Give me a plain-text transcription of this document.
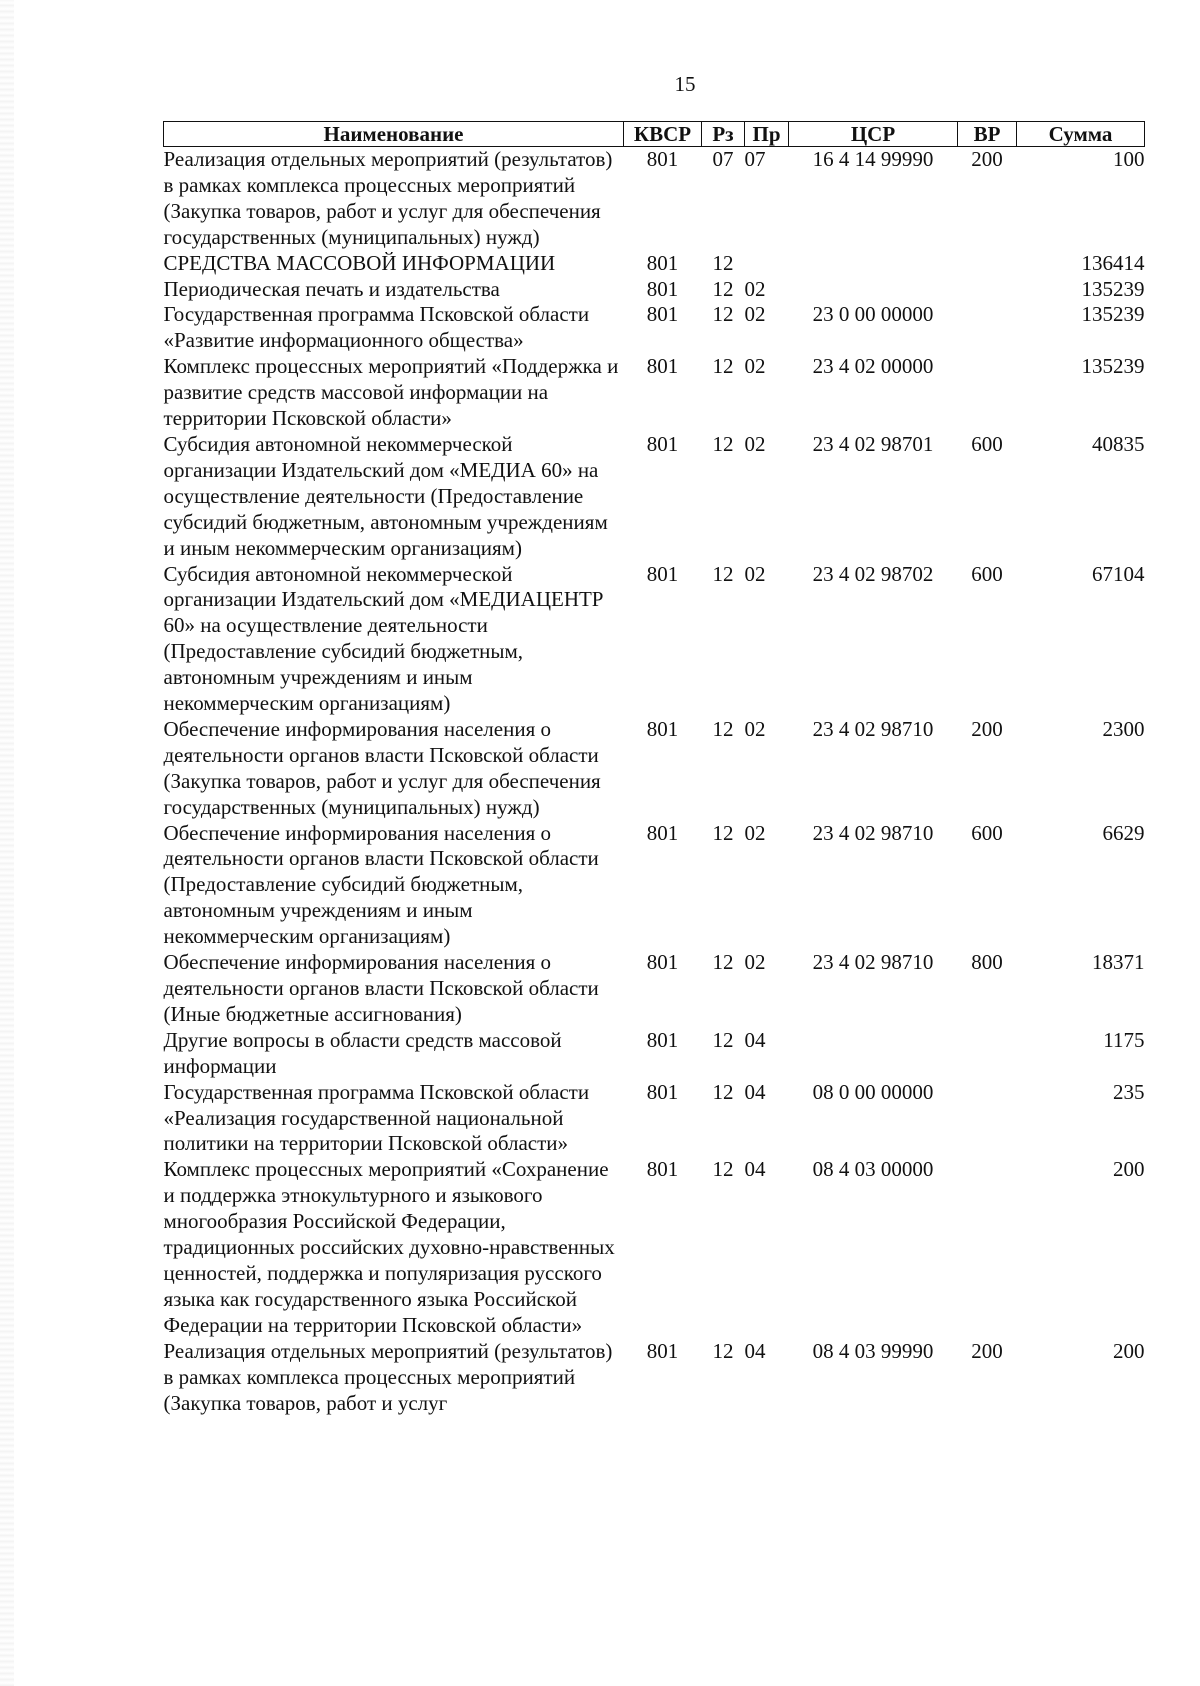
15
Наименование	КВСР	Рз	Пр	ЦСР	ВР	Сумма
Реализация отдельных мероприятий (результатов) в рамках комплекса процессных мероприятий (Закупка товаров, работ и услуг для обеспечения государственных (муниципальных) нужд)	801	07	07	16 4 14 99990	200	100
СРЕДСТВА МАССОВОЙ ИНФОРМАЦИИ	801	12				136414
Периодическая печать и издательства	801	12	02			135239
Государственная программа Псковской области «Развитие информационного общества»	801	12	02	23 0 00 00000		135239
Комплекс процессных мероприятий «Поддержка и развитие средств массовой информации на территории Псковской области»	801	12	02	23 4 02 00000		135239
Субсидия автономной некоммерческой организации Издательский дом «МЕДИА 60» на осуществление деятельности (Предоставление субсидий бюджетным, автономным учреждениям и иным некоммерческим организациям)	801	12	02	23 4 02 98701	600	40835
Субсидия автономной некоммерческой организации Издательский дом «МЕДИАЦЕНТР 60» на осуществление деятельности (Предоставление субсидий бюджетным, автономным учреждениям и иным некоммерческим организациям)	801	12	02	23 4 02 98702	600	67104
Обеспечение информирования населения о деятельности органов власти Псковской области (Закупка товаров, работ и услуг для обеспечения государственных (муниципальных) нужд)	801	12	02	23 4 02 98710	200	2300
Обеспечение информирования населения о деятельности органов власти Псковской области (Предоставление субсидий бюджетным, автономным учреждениям и иным некоммерческим организациям)	801	12	02	23 4 02 98710	600	6629
Обеспечение информирования населения о деятельности органов власти Псковской области (Иные бюджетные ассигнования)	801	12	02	23 4 02 98710	800	18371
Другие вопросы в области средств массовой информации	801	12	04			1175
Государственная программа Псковской области «Реализация государственной национальной политики на территории Псковской области»	801	12	04	08 0 00 00000		235
Комплекс процессных мероприятий «Сохранение и поддержка этнокультурного и языкового многообразия Российской Федерации, традиционных российских духовно-нравственных ценностей, поддержка и популяризация русского языка как государственного языка Российской Федерации на территории Псковской области»	801	12	04	08 4 03 00000		200
Реализация отдельных мероприятий (результатов) в рамках комплекса процессных мероприятий (Закупка товаров, работ и услуг	801	12	04	08 4 03 99990	200	200
